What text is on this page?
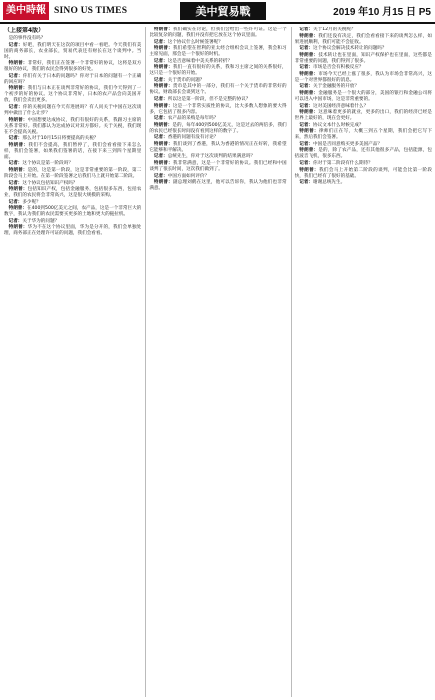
美中時報 SINO US TIMES	美中貿易戰	2019 年10 月15 日 P5
（上接第4版）

是的事件没有吗？

记者：好吧，我们明天在这次的项目中看一看吧。今天我们有美国的商务部长，农业部长，贸易代表还有财长在这个谈判中。当时。

特朗普：非常好，我们正在签署一个非常好的协议，这将是双方很好的协议，我们的农民会得到很多的好处。

记者：你们有关于日本的问题吗？你对于日本的问题有一个正确的回应吗？

特朗普：我们与日本正在谈判非常好的协议，我们今天得到了一个初步的好的协议。这个协议非常好，日本的农产品会向美国开放，我们会卖出更多。

记者：你的关税问题在今天有进展吗？有人问关于中国在这次谈判中做出了什么让步？

特朗普：中国想要达成协议，我们有很好的关系，我跟习主席的关系非常好。我们都认为达成协议对双方都好。关于关税，我们现在不会提高关税。

记者：那么对于10月15日将要提高的关税？

特朗普：我们不会提高，我们暂停了，我们会看看接下来怎么样，我们会签署，如果我们签署的话，在接下来三到四个星期里面。

记者：这个协议是第一阶段吗？

特朗普：是的，这是第一阶段，这是非常重要的第一阶段，第二阶段会马上开始。在第一阶段签署之后我们马上就开始第二阶段。

记者：这个协议包括知识产权吗？

特朗普：包括知识产权，包括金融服务，包括很多东西，包括农业，我们的农民将会非常高兴，这是很大规模的采购。

记者：多少呢？

特朗普：在400到500亿美元之间，农产品，这是一个非常巨大的数字，我认为我们的农民需要买更多的土地和更大的拖拉机。

记者：关于华为的问题？

特朗普：华为不在这个协议里面，华为是分开的，我们会单独处理，商务部正在处理许可证的问题，我们会看看。

特朗普：我们确实在讨论，但我们会给出一些许可证。这是一个比较复杂的问题，我们并没有把它放在这个协议里面。

记者：这个协议什么时候签署呢？

特朗普：我们希望在智利的亚太经合组织会议上签署，我会和习主席见面，那会是一个很好的时机。

记者：这是否意味着中美关系的转折？

特朗普：我们一直有很好的关系，我和习主席之间的关系很好，这只是一个很好的开始。

记者：关于货币的问题？

特朗普：货币是其中的一部分，我们有一个关于货币的非常好的协议。财政部长会谈到这个。

记者：所以这是第一阶段，但不是完整的协议？

特朗普：这是一个非常实质性的协议，比大多数人想象的要大得多，它包括了很多内容。

记者：农产品的采购是每年吗？

特朗普：是的，每年400到500亿美元，这是过去的两倍多，我们的农民已经很长时间没有看到这样的数字了。

记者：香港的问题有没有讨论？

特朗普：我们谈到了香港，我认为香港的情况正在好转，我希望它能够和平解决。

记者：总统先生，你对于这次谈判的结果满意吗？

特朗普：我非常满意，这是一个非常好的协议。我们已经和中国谈判了很长时间，这次我们做到了。

记者：中国方面如何评价？

特朗普：副总理刘鹤在这里，他可以告诉你，我认为他们也非常满意。

记者：关于12月的关税呢？

特朗普：我们还没有决定，我们会看看接下来的谈判怎么样，如果进展顺利，我们可能不会征收。

记者：这个协议会解决技术转让的问题吗？

特朗普：技术转让也在里面，知识产权保护也在里面，这些都是非常重要的问题，我们得到了很多。

记者：市场是否会有积极反应？

特朗普：市场今天已经上涨了很多，我认为市场会非常高兴，这是一个对世界都很好的消息。

记者：关于金融服务的开放？

特朗普：金融服务是一个很大的部分，美国的银行和金融公司将可以进入中国市场，这是非常重要的。

记者：这对美国经济意味着什么？

特朗普：这意味着更多的就业，更多的出口，我们的经济已经是世界上最好的，现在会更好。

记者：协议文本什么时候完成？

特朗普：律师们正在写，大概三到五个星期，我们会把它写下来，然后我们会签署。

记者：中国是否同意购买更多美国产品？

特朗普：是的，除了农产品，还有其他很多产品，包括能源，包括波音飞机，很多东西。

记者：你对于第二阶段有什么期待？

特朗普：我们会马上开始第二阶段的谈判，可能会比第一阶段快，我们已经有了很好的基础。

记者：谢谢总统先生。
